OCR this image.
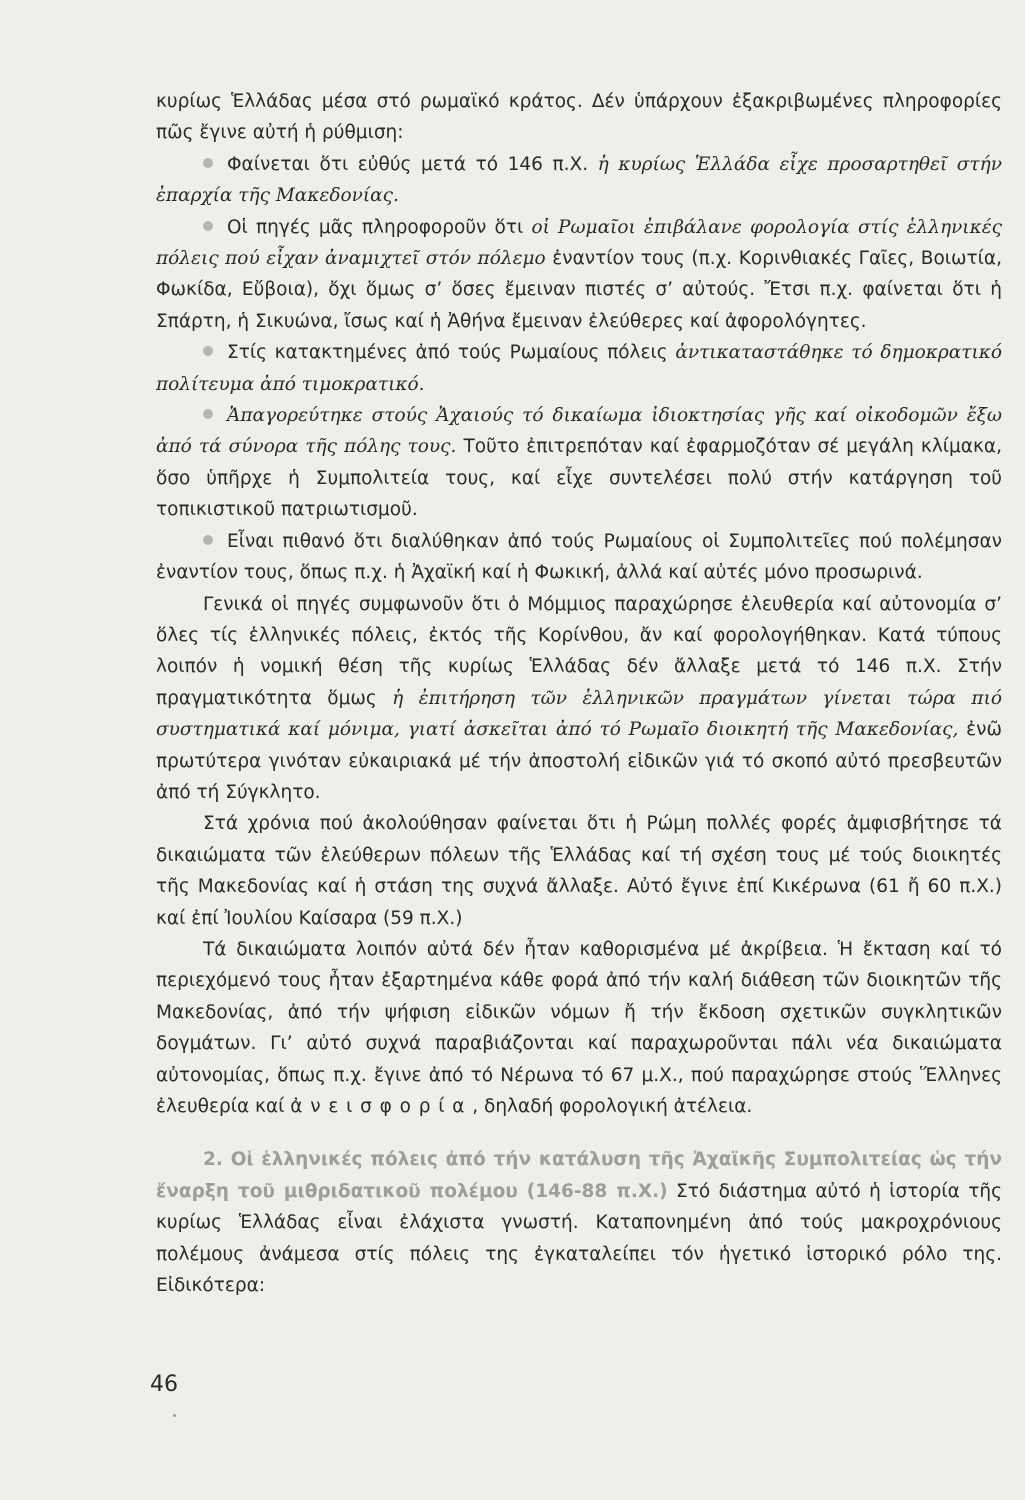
κυρίως Ἑλλάδας μέσα στό ρωμαϊκό κράτος. Δέν ὑπάρχουν ἐξακριβωμένες πληροφορίες πῶς ἔγινε αὐτή ἡ ρύθμιση:

Φαίνεται ὅτι εὐθύς μετά τό 146 π.Χ. ἡ κυρίως Ἑλλάδα εἶχε προσαρτηθεῖ στήν ἐπαρχία τῆς Μακεδονίας.

Οἱ πηγές μᾶς πληροφοροῦν ὅτι οἱ Ρωμαῖοι ἐπιβάλανε φορολογία στίς ἑλληνικές πόλεις πού εἶχαν ἀναμιχτεῖ στόν πόλεμο ἐναντίον τους (π.χ. Κορινθιακές Γαῖες, Βοιωτία, Φωκίδα, Εὔβοια), ὄχι ὅμως σ’ ὅσες ἔμειναν πιστές σ’ αὐτούς. Ἔτσι π.χ. φαίνεται ὅτι ἡ Σπάρτη, ἡ Σικυώνα, ἴσως καί ἡ Ἀθήνα ἔμειναν ἐλεύθερες καί ἀφορολόγητες.

Στίς κατακτημένες ἀπό τούς Ρωμαίους πόλεις ἀντικαταστάθηκε τό δημοκρατικό πολίτευμα ἀπό τιμοκρατικό.

Ἀπαγορεύτηκε στούς Ἀχαιούς τό δικαίωμα ἰδιοκτησίας γῆς καί οἰκοδομῶν ἔξω ἀπό τά σύνορα τῆς πόλης τους. Τοῦτο ἐπιτρεπόταν καί ἐφαρμοζόταν σέ μεγάλη κλίμακα, ὅσο ὑπῆρχε ἡ Συμπολιτεία τους, καί εἶχε συντελέσει πολύ στήν κατάργηση τοῦ τοπικιστικοῦ πατριωτισμοῦ.

Εἶναι πιθανό ὅτι διαλύθηκαν ἀπό τούς Ρωμαίους οἱ Συμπολιτεῖες πού πολέμησαν ἐναντίον τους, ὅπως π.χ. ἡ Ἀχαϊκή καί ἡ Φωκική, ἀλλά καί αὐτές μόνο προσωρινά.

Γενικά οἱ πηγές συμφωνοῦν ὅτι ὁ Μόμμιος παραχώρησε ἐλευθερία καί αὐτονομία σ’ ὅλες τίς ἑλληνικές πόλεις, ἐκτός τῆς Κορίνθου, ἄν καί φορολογήθηκαν. Κατά τύπους λοιπόν ἡ νομική θέση τῆς κυρίως Ἑλλάδας δέν ἄλλαξε μετά τό 146 π.Χ. Στήν πραγματικότητα ὅμως ἡ ἐπιτήρηση τῶν ἑλληνικῶν πραγμάτων γίνεται τώρα πιό συστηματικά καί μόνιμα, γιατί ἀσκεῖται ἀπό τό Ρωμαῖο διοικητή τῆς Μακεδονίας, ἐνῶ πρωτύτερα γινόταν εὐκαιριακά μέ τήν ἀποστολή εἰδικῶν γιά τό σκοπό αὐτό πρεσβευτῶν ἀπό τή Σύγκλητο.

Στά χρόνια πού ἀκολούθησαν φαίνεται ὅτι ἡ Ρώμη πολλές φορές ἀμφισβήτησε τά δικαιώματα τῶν ἐλεύθερων πόλεων τῆς Ἑλλάδας καί τή σχέση τους μέ τούς διοικητές τῆς Μακεδονίας καί ἡ στάση της συχνά ἄλλαξε. Αὐτό ἔγινε ἐπί Κικέρωνα (61 ἤ 60 π.Χ.) καί ἐπί Ἰουλίου Καίσαρα (59 π.Χ.)

Τά δικαιώματα λοιπόν αὐτά δέν ἦταν καθορισμένα μέ ἀκρίβεια. Ἡ ἔκταση καί τό περιεχόμενό τους ἦταν ἐξαρτημένα κάθε φορά ἀπό τήν καλή διάθεση τῶν διοικητῶν τῆς Μακεδονίας, ἀπό τήν ψήφιση εἰδικῶν νόμων ἤ τήν ἔκδοση σχετικῶν συγκλητικῶν δογμάτων. Γι’ αὐτό συχνά παραβιάζονται καί παραχωροῦνται πάλι νέα δικαιώματα αὐτονομίας, ὅπως π.χ. ἔγινε ἀπό τό Νέρωνα τό 67 μ.Χ., πού παραχώρησε στούς Ἕλληνες ἐλευθερία καί ἀνεισφορία, δηλαδή φορολογική ἀτέλεια.

2. Οἱ ἑλληνικές πόλεις ἀπό τήν κατάλυση τῆς Ἀχαϊκῆς Συμπολιτείας ὡς τήν ἔναρξη τοῦ μιθριδατικοῦ πολέμου (146-88 π.Χ.) Στό διάστημα αὐτό ἡ ἱστορία τῆς κυρίως Ἑλλάδας εἶναι ἐλάχιστα γνωστή. Καταπονημένη ἀπό τούς μακροχρόνιους πολέμους ἀνάμεσα στίς πόλεις της ἐγκαταλείπει τόν ἡγετικό ἱστορικό ρόλο της. Εἰδικότερα:

46
